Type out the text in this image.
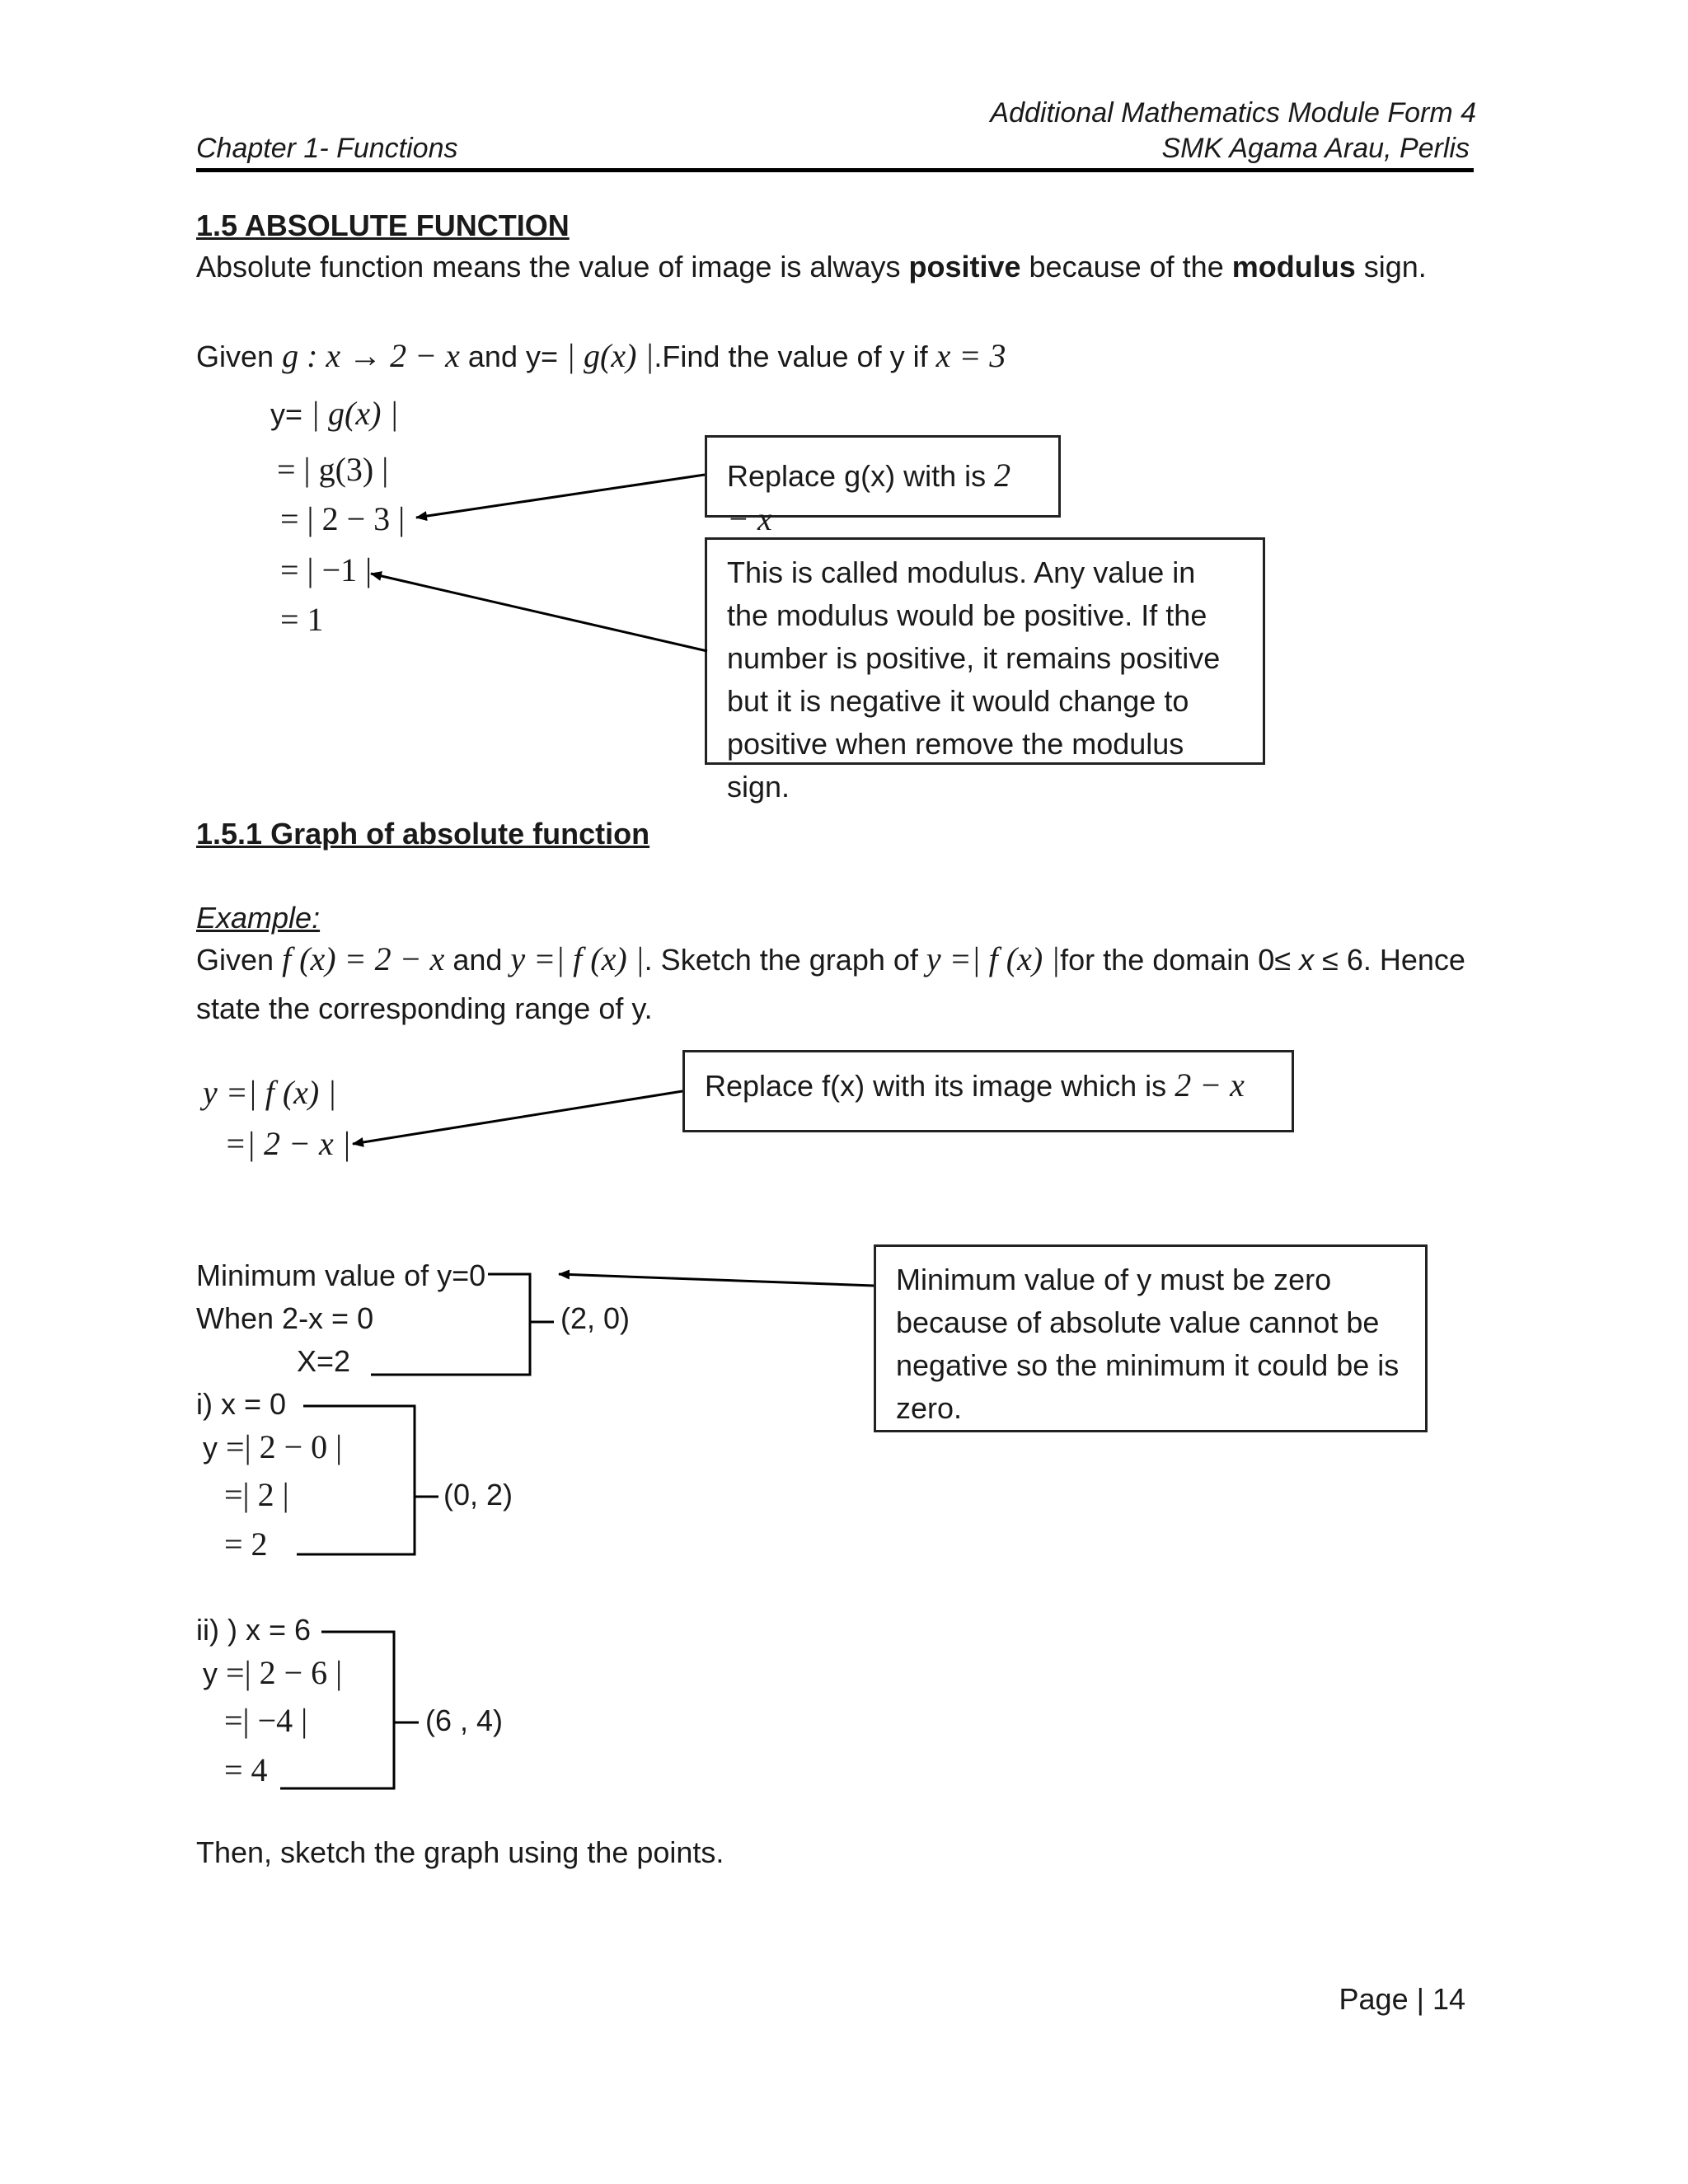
Additional Mathematics Module Form 4
Chapter 1- Functions	SMK Agama Arau, Perlis
1.5 ABSOLUTE FUNCTION
Absolute function means the value of image is always positive because of the modulus sign.
Given g : x → 2 − x and y= | g(x) |.Find the value of y if x = 3
y= | g(x) |
= | g(3) |
= | 2 − 3 |
= | −1 |
= 1
Replace g(x) with is 2 − x
This is called modulus. Any value in the modulus would be positive. If the number is positive, it remains positive but it is negative it would change to positive when remove the modulus sign.
1.5.1 Graph of absolute function
Example:
Given f (x) = 2 − x and y =| f (x) |. Sketch the graph of y =| f (x) |for the domain 0≤ x ≤ 6. Hence
state the corresponding range of y.
y =| f (x) |
=| 2 − x |
Replace f(x) with its image which is 2 − x
Minimum value of y=0
When 2-x = 0
X=2
(2, 0)
Minimum value of y must be zero because of absolute value cannot be negative so the minimum it could be is zero.
i) x = 0
y =| 2 − 0 |
=| 2 |
= 2
(0, 2)
ii) ) x = 6
y =| 2 − 6 |
=| −4 |
= 4
(6 , 4)
Then, sketch the graph using the points.
Page | 14
